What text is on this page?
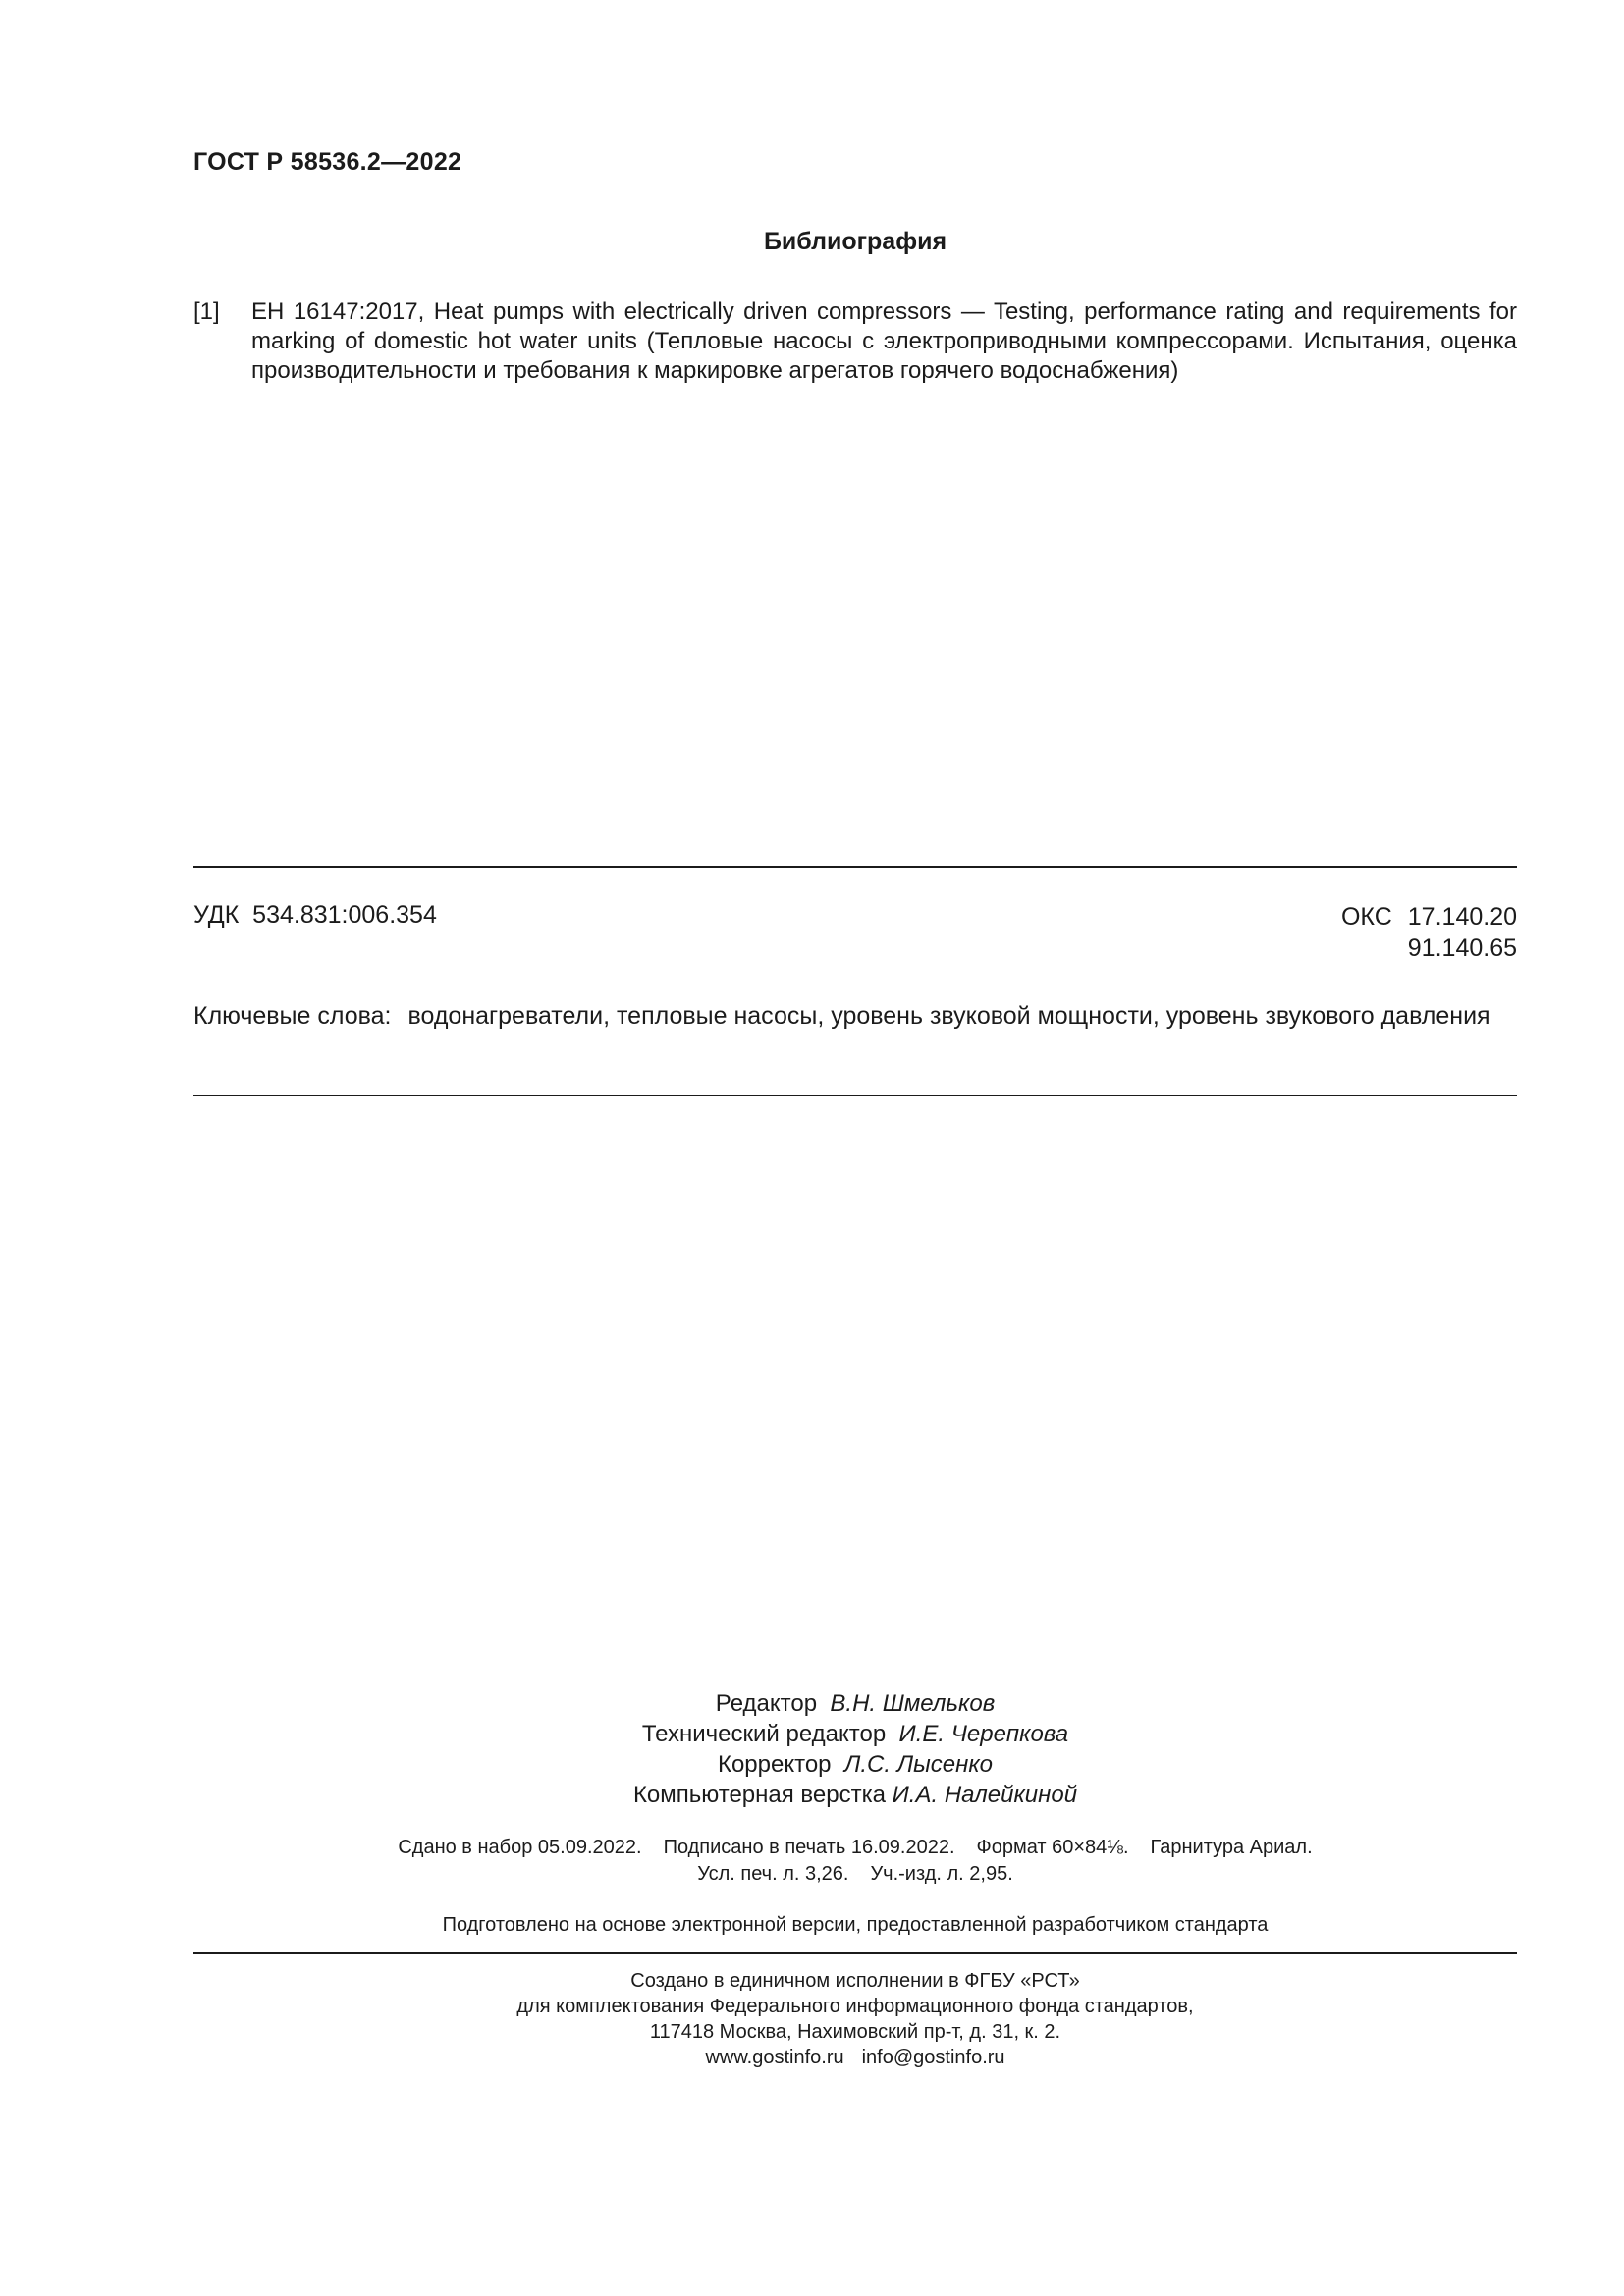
ГОСТ Р 58536.2—2022
Библиография
[1]	ЕН 16147:2017, Heat pumps with electrically driven compressors — Testing, performance rating and requirements for marking of domestic hot water units (Тепловые насосы с электроприводными компрессорами. Испытания, оценка производительности и требования к маркировке агрегатов горячего водоснабжения)
УДК 534.831:006.354	ОКС 17.140.20
91.140.65
Ключевые слова: водонагреватели, тепловые насосы, уровень звуковой мощности, уровень звукового давления
Редактор В.Н. Шмельков
Технический редактор И.Е. Черепкова
Корректор Л.С. Лысенко
Компьютерная верстка И.А. Налейкиной
Сдано в набор 05.09.2022. Подписано в печать 16.09.2022. Формат 60×84⅛. Гарнитура Ариал.
Усл. печ. л. 3,26. Уч.-изд. л. 2,95.
Подготовлено на основе электронной версии, предоставленной разработчиком стандарта
Создано в единичном исполнении в ФГБУ «РСТ»
для комплектования Федерального информационного фонда стандартов,
117418 Москва, Нахимовский пр-т, д. 31, к. 2.
www.gostinfo.ru info@gostinfo.ru
